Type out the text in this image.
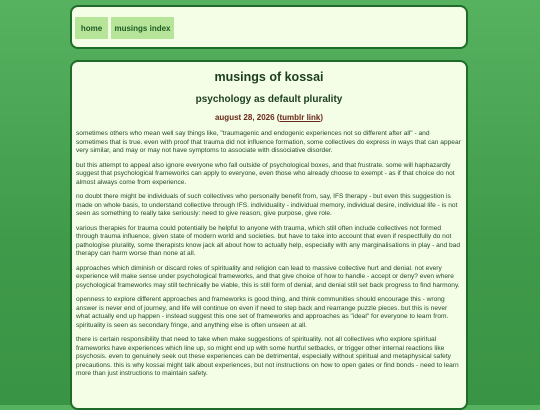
home	musings index
musings of kossai
psychology as default plurality
august 28, 2026 (tumblr link)

sometimes others who mean well say things like, "traumagenic and endogenic experiences not so different after all" - and sometimes that is true. even with proof that trauma did not influence formation, some collectives do express in ways that can appear very similar, and may or may not have symptoms to associate with dissociative disorder.

but this attempt to appeal also ignore everyone who fall outside of psychological boxes, and that frustrate. some will haphazardly suggest that psychological frameworks can apply to everyone, even those who already choose to exempt - as if that choice do not almost always come from experience.

no doubt there might be individuals of such collectives who personally benefit from, say, IFS therapy - but even this suggestion is made on whole basis, to understand collective through IFS. individuality - individual memory, individual desire, individual life - is not seen as something to really take seriously: need to give reason, give purpose, give role.

various therapies for trauma could potentially be helpful to anyone with trauma, which still often include collectives not formed through trauma influence, given state of modern world and societies. but have to take into account that even if respectfully do not pathologise plurality, some therapists know jack all about how to actually help, especially with any marginalisations in play - and bad therapy can harm worse than none at all.

approaches which diminish or discard roles of spirituality and religion can lead to massive collective hurt and denial. not every experience will make sense under psychological frameworks, and that give choice of how to handle - accept or deny? even where psychological frameworks may still technically be viable, this is still form of denial, and denial still set back progress to find harmony.

openness to explore different approaches and frameworks is good thing, and think communities should encourage this - wrong answer is never end of journey, and life will continue on even if need to step back and rearrange puzzle pieces. but this is never what actually end up happen - instead suggest this one set of frameworks and approaches as "ideal" for everyone to learn from. spirituality is seen as secondary fringe, and anything else is often unseen at all.

there is certain responsibility that need to take when make suggestions of spirituality. not all collectives who explore spiritual frameworks have experiences which line up, so might end up with some hurtful setbacks, or trigger other internal reactions like psychosis. even to genuinely seek out these experiences can be detrimental, especially without spiritual and metaphysical safety precautions. this is why kossai might talk about experiences, but not instructions on how to open gates or find bonds - need to learn more than just instructions to maintain safety.
